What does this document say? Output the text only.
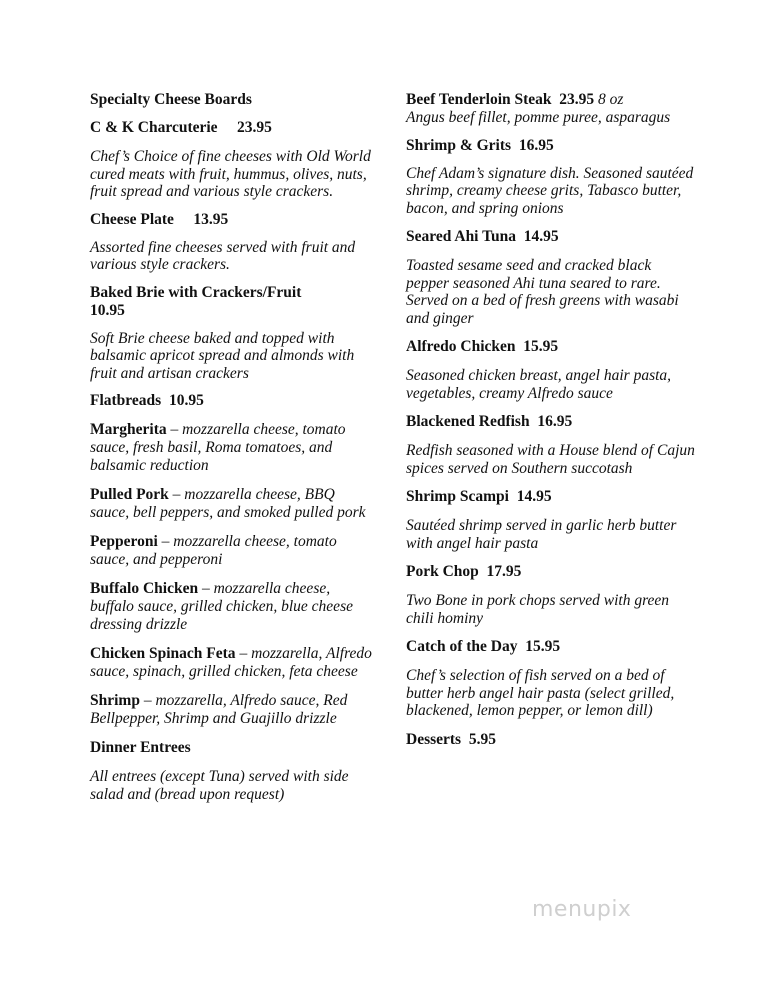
Specialty Cheese Boards
C & K Charcuterie 23.95

Chef’s Choice of fine cheeses with Old World cured meats with fruit, hummus, olives, nuts, fruit spread and various style crackers.

Cheese Plate 13.95

Assorted fine cheeses served with fruit and various style crackers.

Baked Brie with Crackers/Fruit
10.95

Soft Brie cheese baked and topped with balsamic apricot spread and almonds with fruit and artisan crackers

Flatbreads 10.95

Margherita – mozzarella cheese, tomato sauce, fresh basil, Roma tomatoes, and balsamic reduction

Pulled Pork – mozzarella cheese, BBQ sauce, bell peppers, and smoked pulled pork

Pepperoni – mozzarella cheese, tomato sauce, and pepperoni

Buffalo Chicken – mozzarella cheese, buffalo sauce, grilled chicken, blue cheese dressing drizzle

Chicken Spinach Feta – mozzarella, Alfredo sauce, spinach, grilled chicken, feta cheese

Shrimp – mozzarella, Alfredo sauce, Red Bellpepper, Shrimp and Guajillo drizzle

Dinner Entrees

All entrees (except Tuna) served with side salad and (bread upon request)

Beef Tenderloin Steak 23.95 8 oz

Angus beef fillet, pomme puree, asparagus

Shrimp & Grits 16.95

Chef Adam’s signature dish. Seasoned sautéed shrimp, creamy cheese grits, Tabasco butter, bacon, and spring onions

Seared Ahi Tuna 14.95

Toasted sesame seed and cracked black pepper seasoned Ahi tuna seared to rare. Served on a bed of fresh greens with wasabi and ginger

Alfredo Chicken 15.95

Seasoned chicken breast, angel hair pasta, vegetables, creamy Alfredo sauce

Blackened Redfish 16.95

Redfish seasoned with a House blend of Cajun spices served on Southern succotash

Shrimp Scampi 14.95

Sautéed shrimp served in garlic herb butter with angel hair pasta

Pork Chop 17.95

Two Bone in pork chops served with green chili hominy

Catch of the Day 15.95

Chef’s selection of fish served on a bed of butter herb angel hair pasta (select grilled, blackened, lemon pepper, or lemon dill)

Desserts 5.95
menupix
